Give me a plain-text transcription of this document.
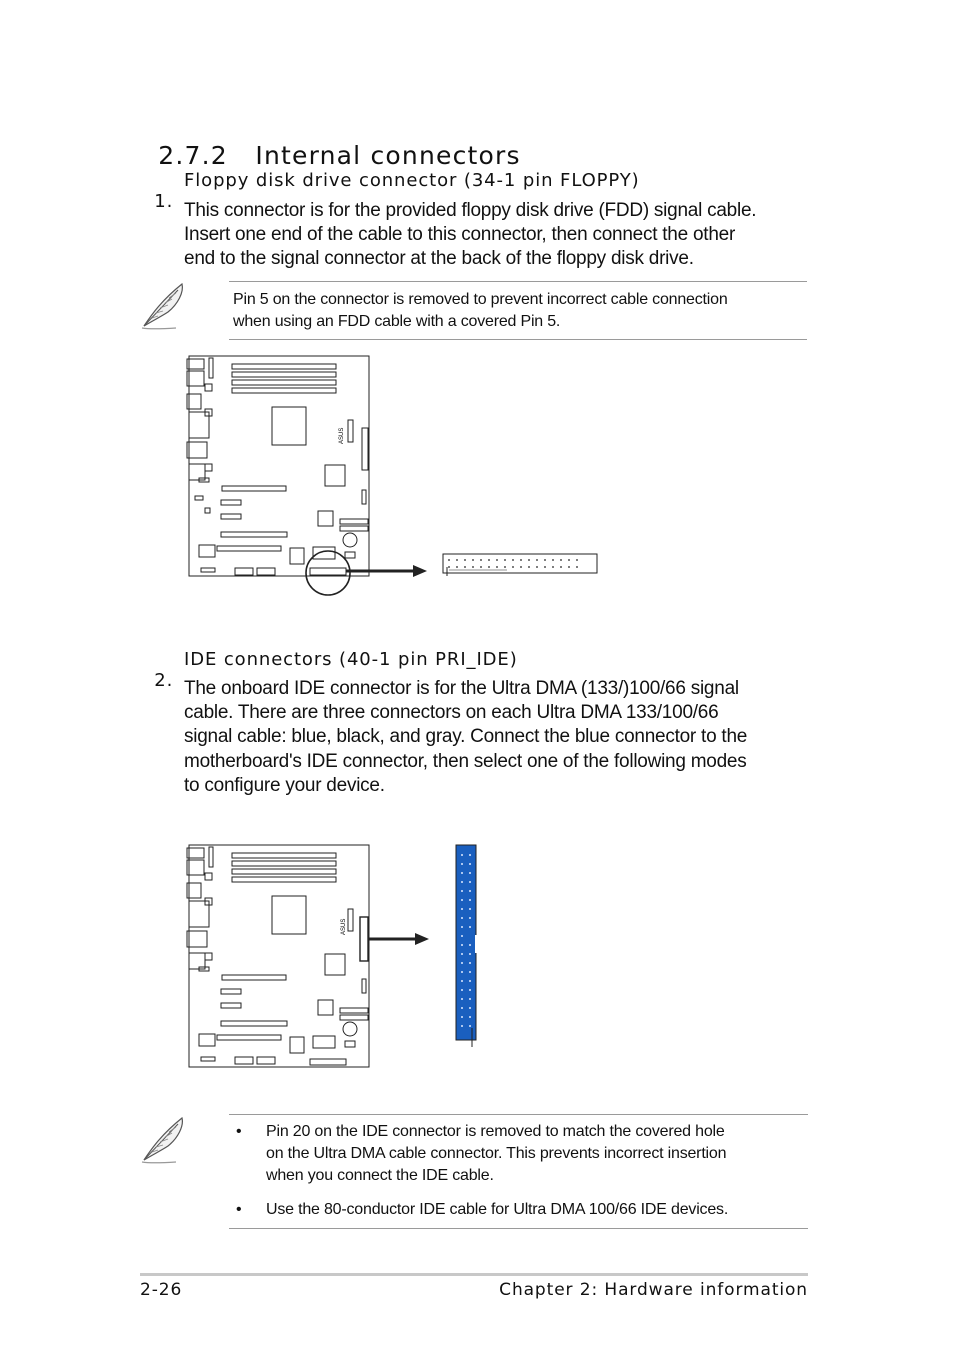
2.7.2 Internal connectors

1.

Floppy disk drive connector (34-1 pin FLOPPY)
This connector is for the provided floppy disk drive (FDD) signal cable.
Insert one end of the cable to this connector, then connect the other
end to the signal connector at the back of the floppy disk drive.
Pin 5 on the connector is removed to prevent incorrect cable connection
when using an FDD cable with a covered Pin 5.
ASUS

2.

IDE connectors (40-1 pin PRI_IDE)
The onboard IDE connector is for the Ultra DMA (133/)100/66 signal
cable. There are three connectors on each Ultra DMA 133/100/66
signal cable: blue, black, and gray. Connect the blue connector to the
motherboard's IDE connector, then select one of the following modes
to configure your device.
ASUS
• Pin 20 on the IDE connector is removed to match the covered hole
on the Ultra DMA cable connector. This prevents incorrect insertion
when you connect the IDE cable.
• Use the 80-conductor IDE cable for Ultra DMA 100/66 IDE devices.
2-26	Chapter 2: Hardware information
